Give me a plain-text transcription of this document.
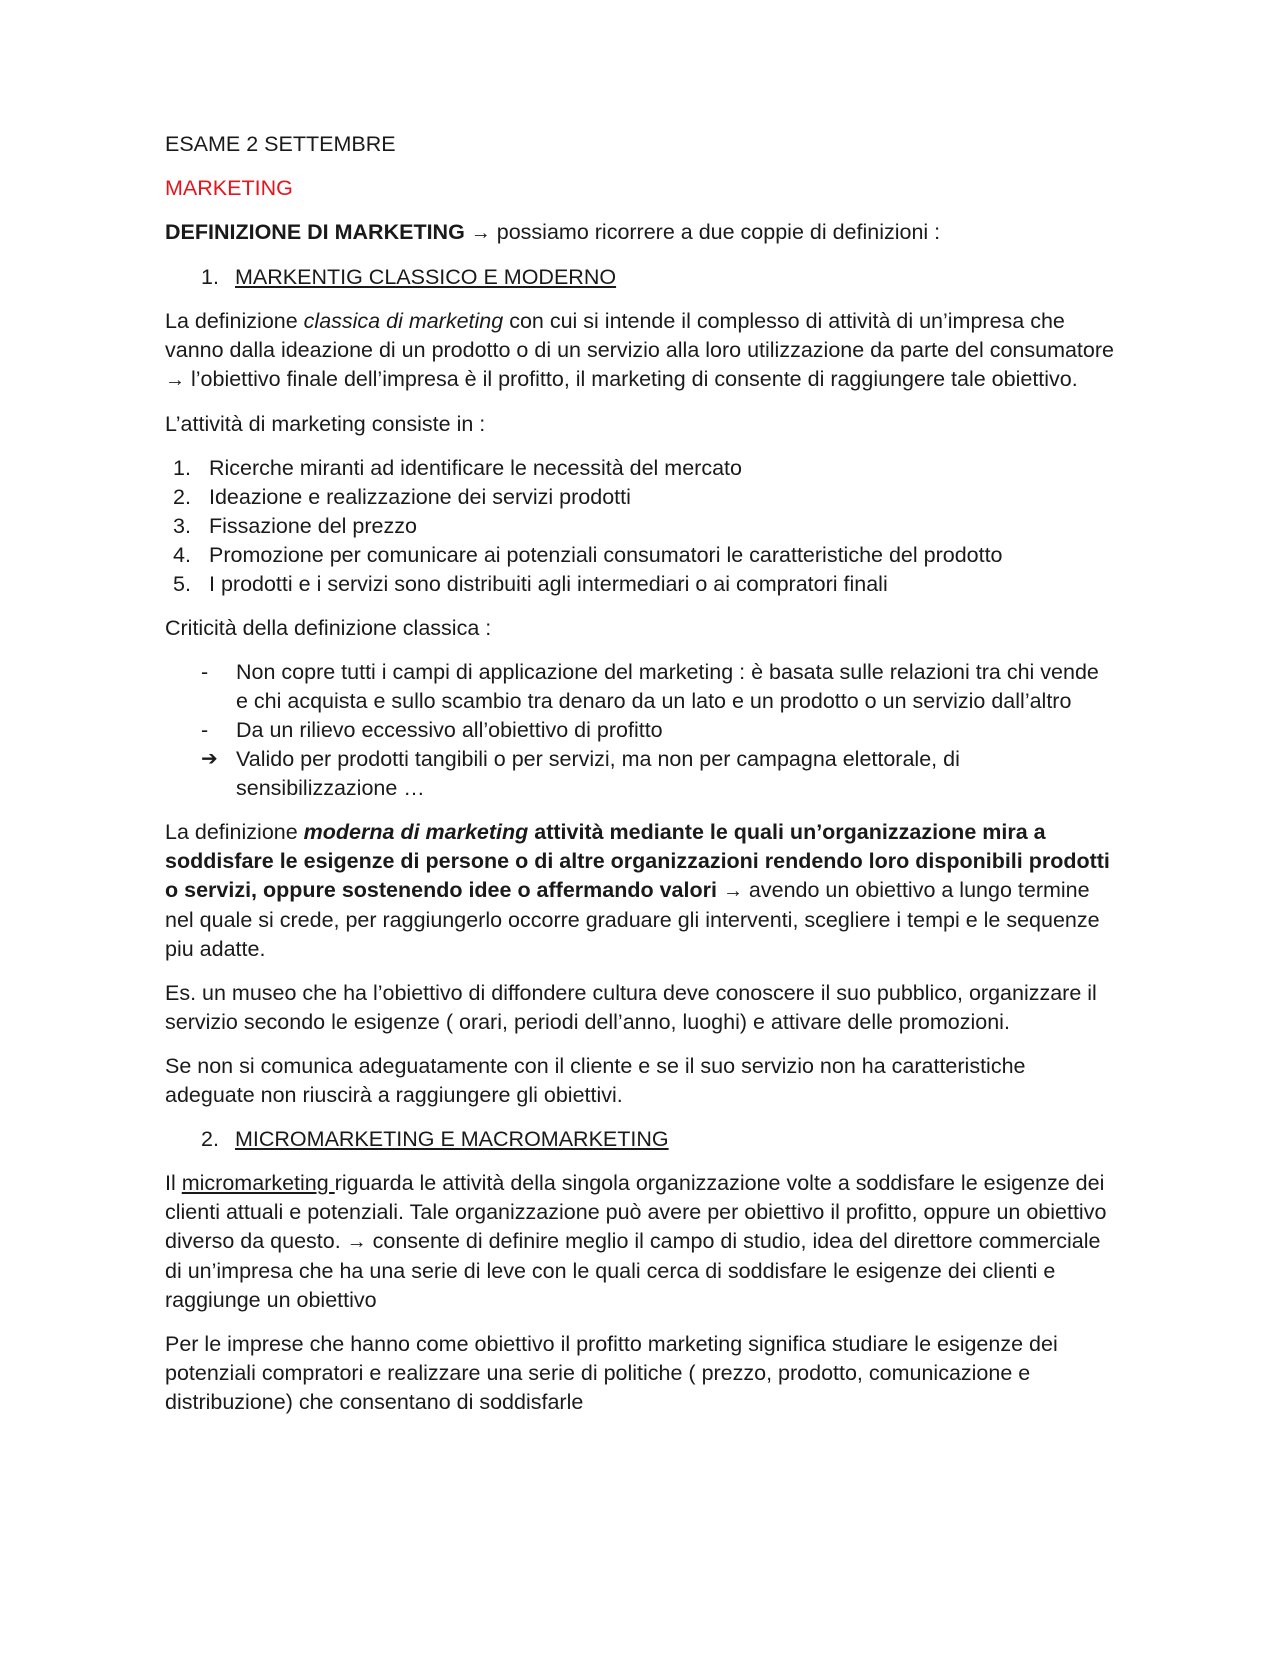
ESAME 2 SETTEMBRE

MARKETING

DEFINIZIONE DI MARKETING → possiamo ricorrere a due coppie di definizioni :

1. MARKENTIG CLASSICO E MODERNO

La definizione classica di marketing con cui si intende il complesso di attività di un’impresa che vanno dalla ideazione di un prodotto o di un servizio alla loro utilizzazione da parte del consumatore → l’obiettivo finale dell’impresa è il profitto, il marketing di consente di raggiungere tale obiettivo.

L’attività di marketing consiste in :

1. Ricerche miranti ad identificare le necessità del mercato
2. Ideazione e realizzazione dei servizi prodotti
3. Fissazione del prezzo
4. Promozione per comunicare ai potenziali consumatori le caratteristiche del prodotto
5. I prodotti e i servizi sono distribuiti agli intermediari o ai compratori finali

Criticità della definizione classica :

- Non copre tutti i campi di applicazione del marketing : è basata sulle relazioni tra chi vende e chi acquista e sullo scambio tra denaro da un lato e un prodotto o un servizio dall’altro
- Da un rilievo eccessivo all’obiettivo di profitto
➔ Valido per prodotti tangibili o per servizi, ma non per campagna elettorale, di sensibilizzazione …

La definizione moderna di marketing attività mediante le quali un’organizzazione mira a soddisfare le esigenze di persone o di altre organizzazioni rendendo loro disponibili prodotti o servizi, oppure sostenendo idee o affermando valori → avendo un obiettivo a lungo termine nel quale si crede, per raggiungerlo occorre graduare gli interventi, scegliere i tempi e le sequenze piu adatte.

Es. un museo che ha l’obiettivo di diffondere cultura deve conoscere il suo pubblico, organizzare il servizio secondo le esigenze ( orari, periodi dell’anno, luoghi) e attivare delle promozioni.

Se non si comunica adeguatamente con il cliente e se il suo servizio non ha caratteristiche adeguate non riuscirà a raggiungere gli obiettivi.

2. MICROMARKETING E MACROMARKETING

Il micromarketing riguarda le attività della singola organizzazione volte a soddisfare le esigenze dei clienti attuali e potenziali. Tale organizzazione può avere per obiettivo il profitto, oppure un obiettivo diverso da questo. → consente di definire meglio il campo di studio, idea del direttore commerciale di un’impresa che ha una serie di leve con le quali cerca di soddisfare le esigenze dei clienti e raggiunge un obiettivo

Per le imprese che hanno come obiettivo il profitto marketing significa studiare le esigenze dei potenziali compratori e realizzare una serie di politiche ( prezzo, prodotto, comunicazione e distribuzione) che consentano di soddisfarle
